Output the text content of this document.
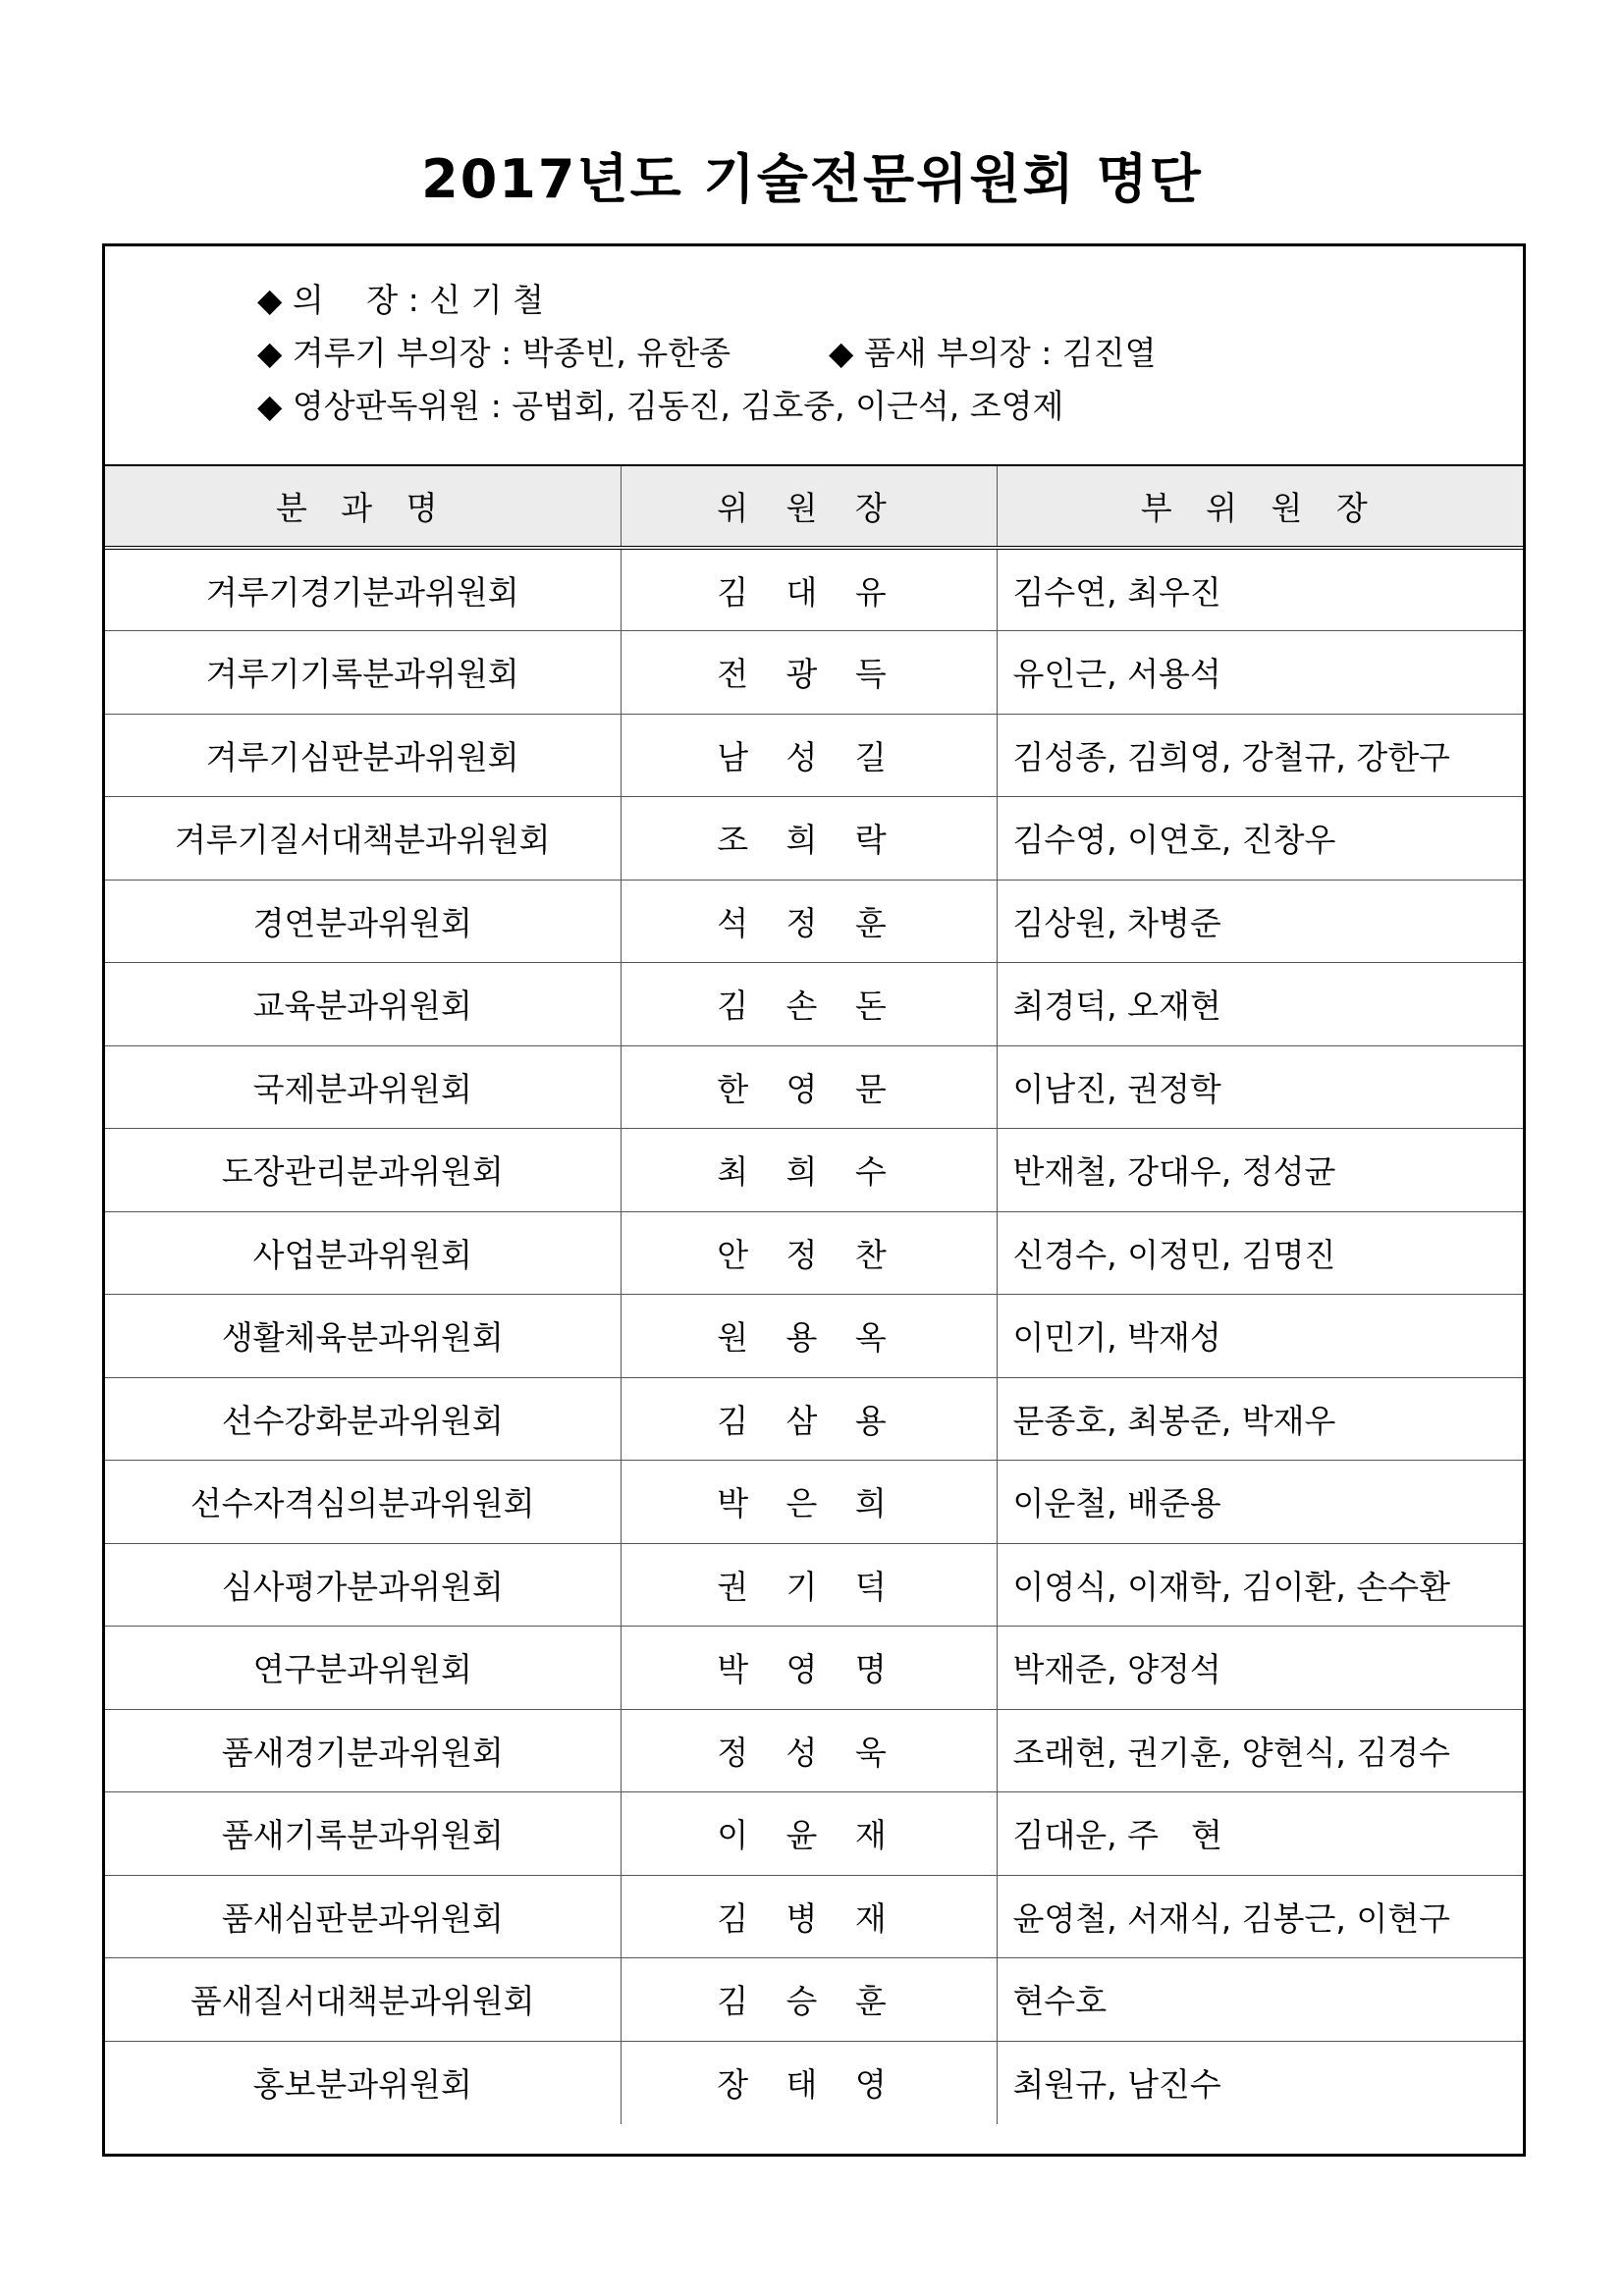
2017년도 기술전문위원회 명단
◆ 의　 장 : 신 기 철
◆ 겨루기 부의장 : 박종빈, 유한종	◆ 품새 부의장 : 김진열
◆ 영상판독위원 : 공법회, 김동진, 김호중, 이근석, 조영제
분 과 명	위 원 장	부 위 원 장
겨루기경기분과위원회	김 대 유	김수연, 최우진
겨루기기록분과위원회	전 광 득	유인근, 서용석
겨루기심판분과위원회	남 성 길	김성종, 김희영, 강철규, 강한구
겨루기질서대책분과위원회	조 희 락	김수영, 이연호, 진창우
경연분과위원회	석 정 훈	김상원, 차병준
교육분과위원회	김 손 돈	최경덕, 오재현
국제분과위원회	한 영 문	이남진, 권정학
도장관리분과위원회	최 희 수	반재철, 강대우, 정성균
사업분과위원회	안 정 찬	신경수, 이정민, 김명진
생활체육분과위원회	원 용 옥	이민기, 박재성
선수강화분과위원회	김 삼 용	문종호, 최봉준, 박재우
선수자격심의분과위원회	박 은 희	이운철, 배준용
심사평가분과위원회	권 기 덕	이영식, 이재학, 김이환, 손수환
연구분과위원회	박 영 명	박재준, 양정석
품새경기분과위원회	정 성 욱	조래현, 권기훈, 양현식, 김경수
품새기록분과위원회	이 윤 재	김대운, 주　현
품새심판분과위원회	김 병 재	윤영철, 서재식, 김봉근, 이현구
품새질서대책분과위원회	김 승 훈	현수호
홍보분과위원회	장 태 영	최원규, 남진수
